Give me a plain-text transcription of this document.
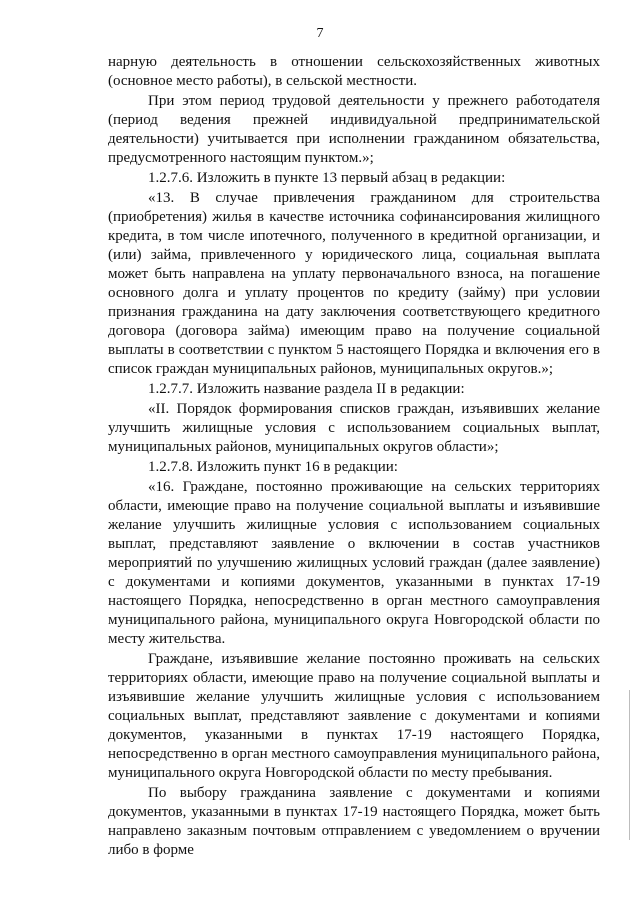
7

нарную деятельность в отношении сельскохозяйственных животных (основное место работы), в сельской местности.

При этом период трудовой деятельности у прежнего работодателя (период ведения прежней индивидуальной предпринимательской деятельности) учитывается при исполнении гражданином обязательства, предусмотренного настоящим пунктом.»;

1.2.7.6. Изложить в пункте 13 первый абзац в редакции:

«13. В случае привлечения гражданином для строительства (приобретения) жилья в качестве источника софинансирования жилищного кредита, в том числе ипотечного, полученного в кредитной организации, и (или) займа, привлеченного у юридического лица, социальная выплата может быть направлена на уплату первоначального взноса, на погашение основного долга и уплату процентов по кредиту (займу) при условии признания гражданина на дату заключения соответствующего кредитного договора (договора займа) имеющим право на получение социальной выплаты в соответствии с пунктом 5 настоящего Порядка и включения его в список граждан муниципальных районов, муниципальных округов.»;

1.2.7.7. Изложить название раздела II в редакции:

«II. Порядок формирования списков граждан, изъявивших желание улучшить жилищные условия с использованием социальных выплат, муниципальных районов, муниципальных округов области»;

1.2.7.8. Изложить пункт 16 в редакции:

«16. Граждане, постоянно проживающие на сельских территориях области, имеющие право на получение социальной выплаты и изъявившие желание улучшить жилищные условия с использованием социальных выплат, представляют заявление о включении в состав участников мероприятий по улучшению жилищных условий граждан (далее заявление) с документами и копиями документов, указанными в пунктах 17-19 настоящего Порядка, непосредственно в орган местного самоуправления муниципального района, муниципального округа Новгородской области по месту жительства.

Граждане, изъявившие желание постоянно проживать на сельских территориях области, имеющие право на получение социальной выплаты и изъявившие желание улучшить жилищные условия с использованием социальных выплат, представляют заявление с документами и копиями документов, указанными в пунктах 17-19 настоящего Порядка, непосредственно в орган местного самоуправления муниципального района, муниципального округа Новгородской области по месту пребывания.

По выбору гражданина заявление с документами и копиями документов, указанными в пунктах 17-19 настоящего Порядка, может быть направлено заказным почтовым отправлением с уведомлением о вручении либо в форме
